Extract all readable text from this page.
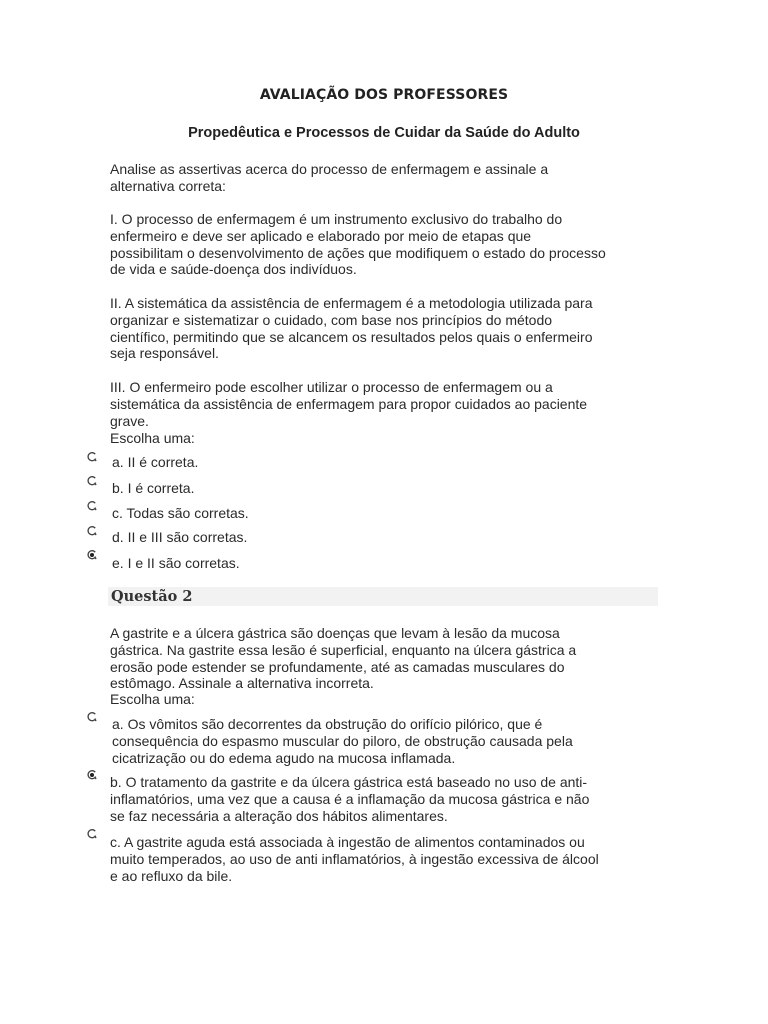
AVALIAÇÃO DOS PROFESSORES
Propedêutica e Processos de Cuidar da Saúde do Adulto
Analise as assertivas acerca do processo de enfermagem e assinale a
alternativa correta:
I. O processo de enfermagem é um instrumento exclusivo do trabalho do
enfermeiro e deve ser aplicado e elaborado por meio de etapas que
possibilitam o desenvolvimento de ações que modifiquem o estado do processo
de vida e saúde-doença dos indivíduos.
II. A sistemática da assistência de enfermagem é a metodologia utilizada para
organizar e sistematizar o cuidado, com base nos princípios do método
científico, permitindo que se alcancem os resultados pelos quais o enfermeiro
seja responsável.
III. O enfermeiro pode escolher utilizar o processo de enfermagem ou a
sistemática da assistência de enfermagem para propor cuidados ao paciente
grave.
Escolha uma:
a. II é correta.
b. I é correta.
c. Todas são corretas.
d. II e III são corretas.
e. I e II são corretas.
Questão 2
A gastrite e a úlcera gástrica são doenças que levam à lesão da mucosa
gástrica. Na gastrite essa lesão é superficial, enquanto na úlcera gástrica a
erosão pode estender se profundamente, até as camadas musculares do
estômago. Assinale a alternativa incorreta.
Escolha uma:
a. Os vômitos são decorrentes da obstrução do orifício pilórico, que é
consequência do espasmo muscular do piloro, de obstrução causada pela
cicatrização ou do edema agudo na mucosa inflamada.
b. O tratamento da gastrite e da úlcera gástrica está baseado no uso de anti-
inflamatórios, uma vez que a causa é a inflamação da mucosa gástrica e não
se faz necessária a alteração dos hábitos alimentares.
c. A gastrite aguda está associada à ingestão de alimentos contaminados ou
muito temperados, ao uso de anti inflamatórios, à ingestão excessiva de álcool
e ao refluxo da bile.
